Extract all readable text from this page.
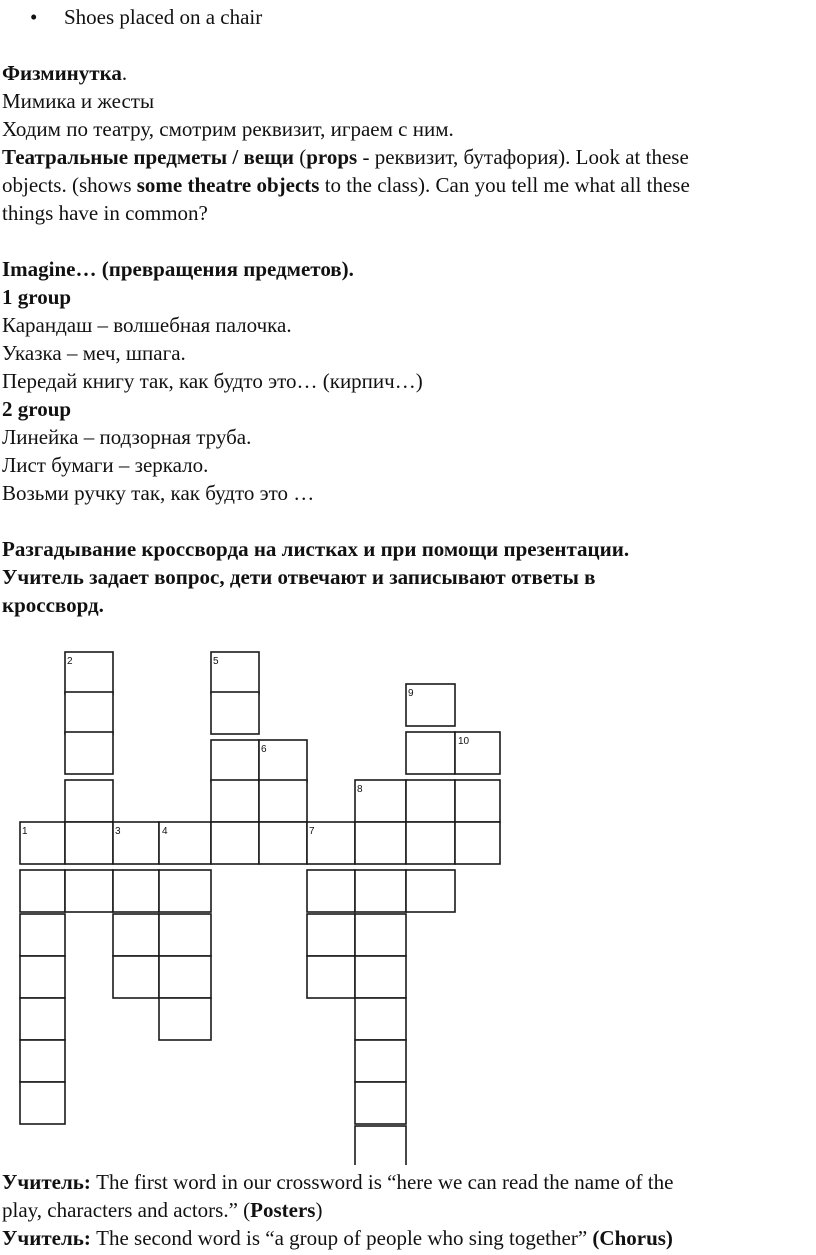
• Shoes placed on a chair
Физминутка.
Мимика и жесты
Ходим по театру, смотрим реквизит, играем с ним.
Театральные предметы / вещи (props - реквизит, бутафория). Look at these
objects. (shows some theatre objects to the class). Can you tell me what all these
things have in common?
Imagine… (превращения предметов).
1 group
Карандаш – волшебная палочка.
Указка – меч, шпага.
Передай книгу так, как будто это… (кирпич…)
2 group
Линейка – подзорная труба.
Лист бумаги – зеркало.
Возьми ручку так, как будто это …
Разгадывание кроссворда на листках и при помощи презентации.
Учитель задает вопрос, дети отвечают и записывают ответы в
кроссворд.
1
2
3	4
5
6
7
8
9
10
Учитель: The first word in our crossword is “here we can read the name of the
play, characters and actors.” (Posters)
Учитель: The second word is “a group of people who sing together” (Chorus)
